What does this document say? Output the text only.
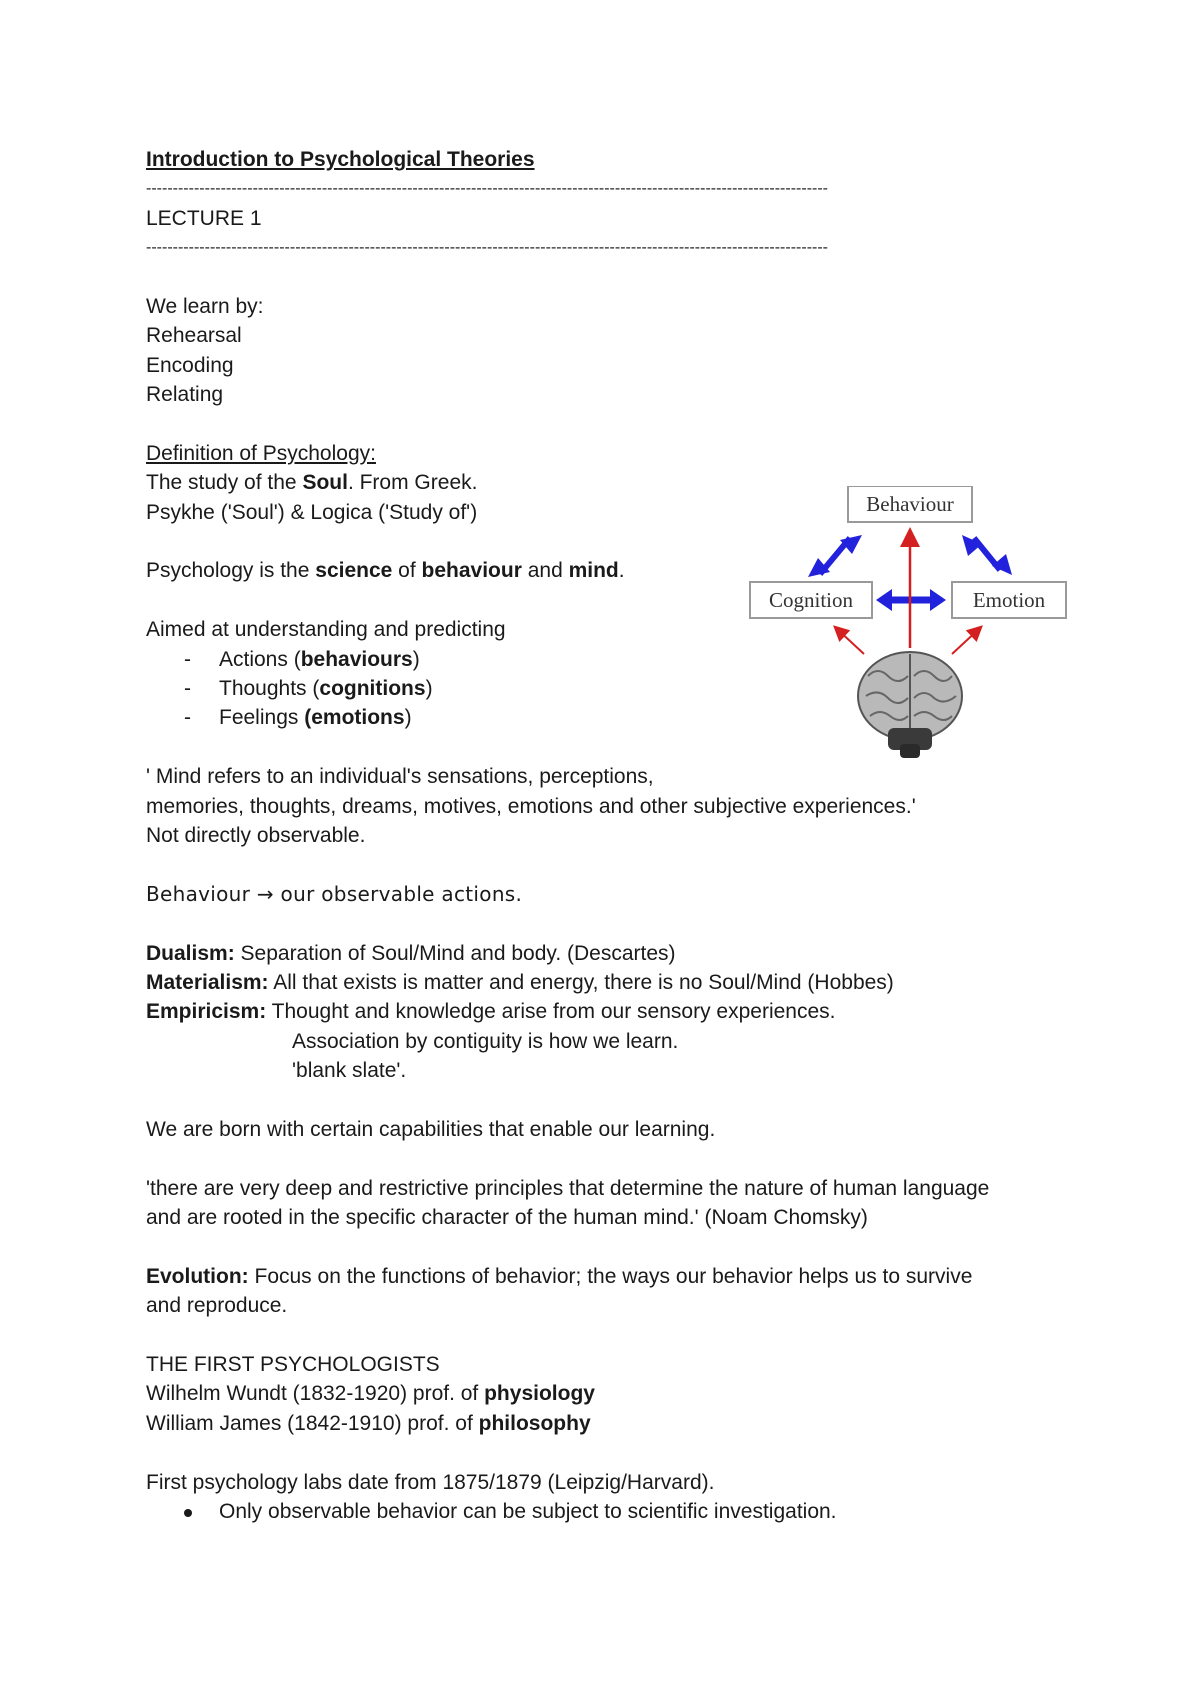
Introduction to Psychological Theories
--------------------------------------------------------------------------------------------------------------------------------
LECTURE 1
--------------------------------------------------------------------------------------------------------------------------------
We learn by:
Rehearsal
Encoding
Relating
Definition of Psychology:
The study of the Soul. From Greek.
Psykhe ('Soul') & Logica ('Study of')
Psychology is the science of behaviour and mind.
Aimed at understanding and predicting
- Actions (behaviours)
- Thoughts (cognitions)
- Feelings (emotions)
' Mind refers to an individual's sensations, perceptions,
memories, thoughts, dreams, motives, emotions and other subjective experiences.'
Not directly observable.
Behaviour → our observable actions.
Dualism: Separation of Soul/Mind and body. (Descartes)
Materialism: All that exists is matter and energy, there is no Soul/Mind (Hobbes)
Empiricism: Thought and knowledge arise from our sensory experiences.
Association by contiguity is how we learn.
'blank slate'.
We are born with certain capabilities that enable our learning.
'there are very deep and restrictive principles that determine the nature of human language
and are rooted in the specific character of the human mind.' (Noam Chomsky)
Evolution: Focus on the functions of behavior; the ways our behavior helps us to survive
and reproduce.
THE FIRST PSYCHOLOGISTS
Wilhelm Wundt (1832-1920) prof. of physiology
William James (1842-1910) prof. of philosophy
First psychology labs date from 1875/1879 (Leipzig/Harvard).
Only observable behavior can be subject to scientific investigation.
Behaviour
Cognition	Emotion
